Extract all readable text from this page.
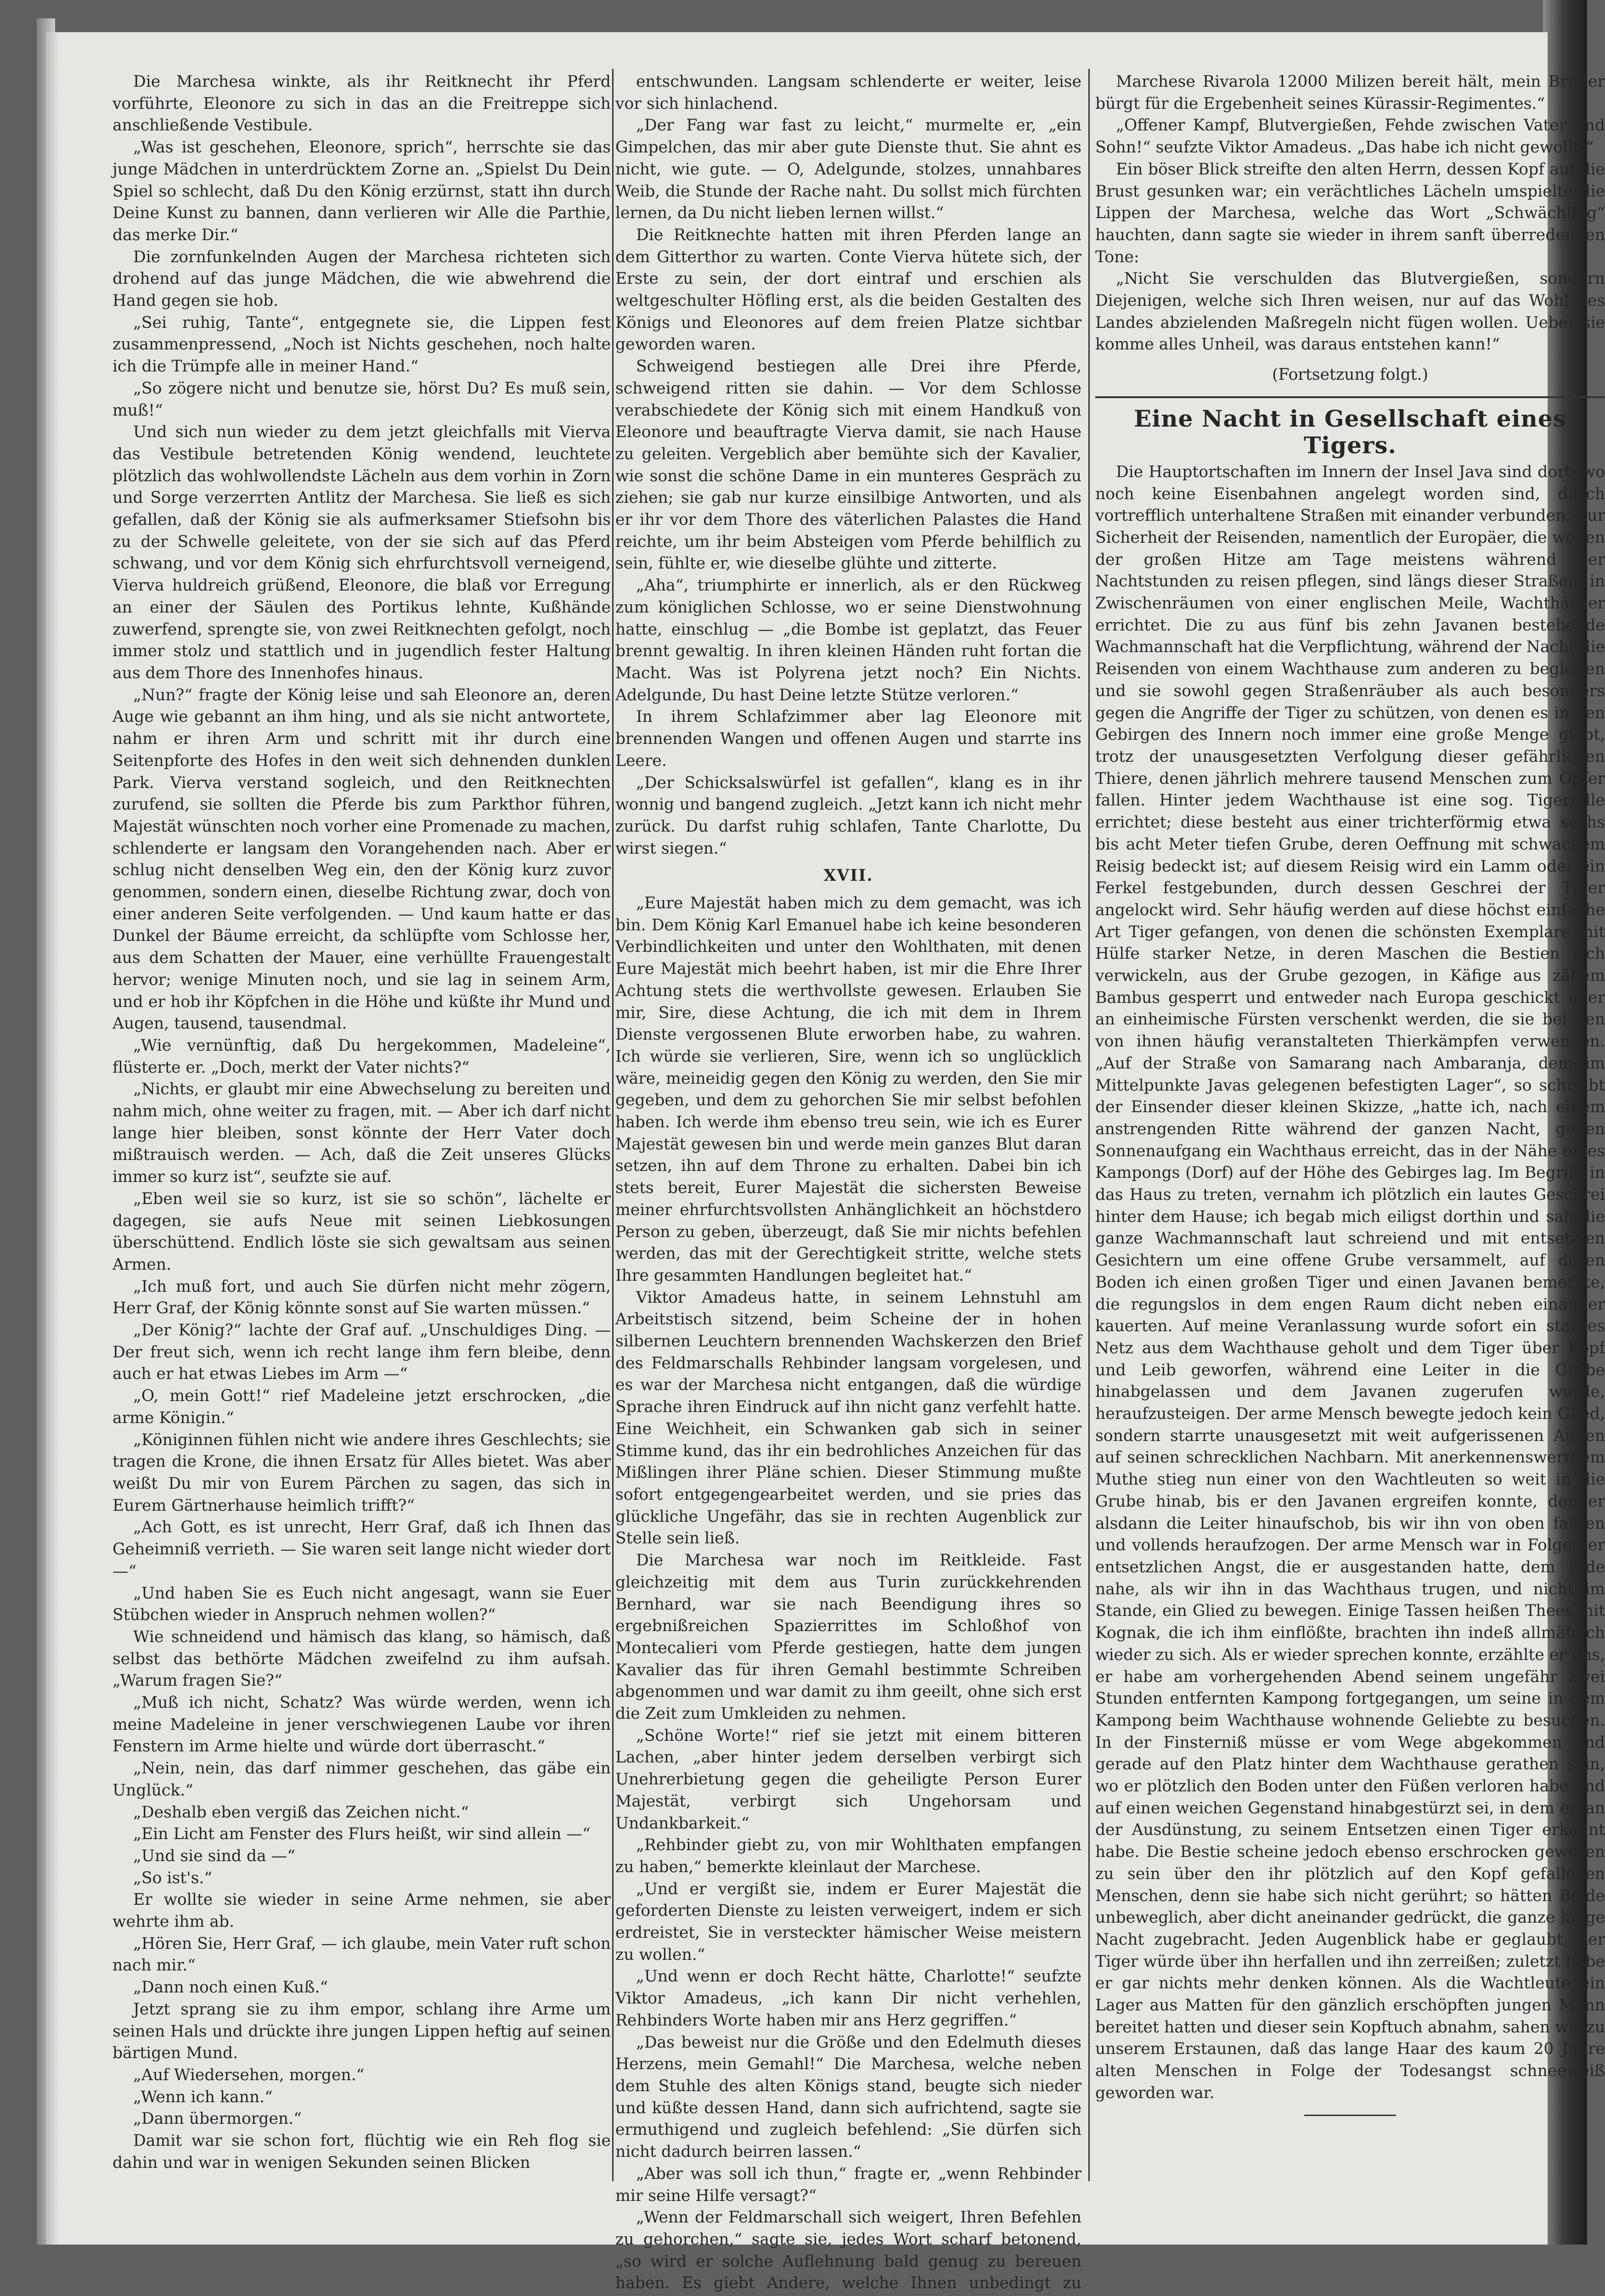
Die Marchesa winkte, als ihr Reitknecht ihr Pferd vorführte, Eleonore zu sich in das an die Freitreppe sich anschließende Vestibule.

„Was ist geschehen, Eleonore, sprich“, herrschte sie das junge Mädchen in unterdrücktem Zorne an. „Spielst Du Dein Spiel so schlecht, daß Du den König erzürnst, statt ihn durch Deine Kunst zu bannen, dann verlieren wir Alle die Parthie, das merke Dir.“

Die zornfunkelnden Augen der Marchesa richteten sich drohend auf das junge Mädchen, die wie abwehrend die Hand gegen sie hob.

„Sei ruhig, Tante“, entgegnete sie, die Lippen fest zusammenpressend, „Noch ist Nichts geschehen, noch halte ich die Trümpfe alle in meiner Hand.“

„So zögere nicht und benutze sie, hörst Du? Es muß sein, muß!“

Und sich nun wieder zu dem jetzt gleichfalls mit Vierva das Vestibule betretenden König wendend, leuchtete plötzlich das wohlwollendste Lächeln aus dem vorhin in Zorn und Sorge verzerrten Antlitz der Marchesa. Sie ließ es sich gefallen, daß der König sie als aufmerksamer Stiefsohn bis zu der Schwelle geleitete, von der sie sich auf das Pferd schwang, und vor dem König sich ehrfurchtsvoll verneigend, Vierva huldreich grüßend, Eleonore, die blaß vor Erregung an einer der Säulen des Portikus lehnte, Kußhände zuwerfend, sprengte sie, von zwei Reitknechten gefolgt, noch immer stolz und stattlich und in jugendlich fester Haltung aus dem Thore des Innenhofes hinaus.

„Nun?“ fragte der König leise und sah Eleonore an, deren Auge wie gebannt an ihm hing, und als sie nicht antwortete, nahm er ihren Arm und schritt mit ihr durch eine Seitenpforte des Hofes in den weit sich dehnenden dunklen Park. Vierva verstand sogleich, und den Reitknechten zurufend, sie sollten die Pferde bis zum Parkthor führen, Majestät wünschten noch vorher eine Promenade zu machen, schlenderte er langsam den Vorangehenden nach. Aber er schlug nicht denselben Weg ein, den der König kurz zuvor genommen, sondern einen, dieselbe Richtung zwar, doch von einer anderen Seite verfolgenden. — Und kaum hatte er das Dunkel der Bäume erreicht, da schlüpfte vom Schlosse her, aus dem Schatten der Mauer, eine verhüllte Frauengestalt hervor; wenige Minuten noch, und sie lag in seinem Arm, und er hob ihr Köpfchen in die Höhe und küßte ihr Mund und Augen, tausend, tausendmal.

„Wie vernünftig, daß Du hergekommen, Madeleine“, flüsterte er. „Doch, merkt der Vater nichts?“

„Nichts, er glaubt mir eine Abwechselung zu bereiten und nahm mich, ohne weiter zu fragen, mit. — Aber ich darf nicht lange hier bleiben, sonst könnte der Herr Vater doch mißtrauisch werden. — Ach, daß die Zeit unseres Glücks immer so kurz ist“, seufzte sie auf.

„Eben weil sie so kurz, ist sie so schön“, lächelte er dagegen, sie aufs Neue mit seinen Liebkosungen überschüttend. Endlich löste sie sich gewaltsam aus seinen Armen.

„Ich muß fort, und auch Sie dürfen nicht mehr zögern, Herr Graf, der König könnte sonst auf Sie warten müssen.“

„Der König?“ lachte der Graf auf. „Unschuldiges Ding. — Der freut sich, wenn ich recht lange ihm fern bleibe, denn auch er hat etwas Liebes im Arm —“

„O, mein Gott!“ rief Madeleine jetzt erschrocken, „die arme Königin.“

„Königinnen fühlen nicht wie andere ihres Geschlechts; sie tragen die Krone, die ihnen Ersatz für Alles bietet. Was aber weißt Du mir von Eurem Pärchen zu sagen, das sich in Eurem Gärtnerhause heimlich trifft?“

„Ach Gott, es ist unrecht, Herr Graf, daß ich Ihnen das Geheimniß verrieth. — Sie waren seit lange nicht wieder dort —“

„Und haben Sie es Euch nicht angesagt, wann sie Euer Stübchen wieder in Anspruch nehmen wollen?“

Wie schneidend und hämisch das klang, so hämisch, daß selbst das bethörte Mädchen zweifelnd zu ihm aufsah. „Warum fragen Sie?“

„Muß ich nicht, Schatz? Was würde werden, wenn ich meine Madeleine in jener verschwiegenen Laube vor ihren Fenstern im Arme hielte und würde dort überrascht.“

„Nein, nein, das darf nimmer geschehen, das gäbe ein Unglück.“

„Deshalb eben vergiß das Zeichen nicht.“

„Ein Licht am Fenster des Flurs heißt, wir sind allein —“

„Und sie sind da —“

„So ist's.“

Er wollte sie wieder in seine Arme nehmen, sie aber wehrte ihm ab.

„Hören Sie, Herr Graf, — ich glaube, mein Vater ruft schon nach mir.“

„Dann noch einen Kuß.“

Jetzt sprang sie zu ihm empor, schlang ihre Arme um seinen Hals und drückte ihre jungen Lippen heftig auf seinen bärtigen Mund.

„Auf Wiedersehen, morgen.“

„Wenn ich kann.“

„Dann übermorgen.“

Damit war sie schon fort, flüchtig wie ein Reh flog sie dahin und war in wenigen Sekunden seinen Blicken

entschwunden. Langsam schlenderte er weiter, leise vor sich hinlachend.

„Der Fang war fast zu leicht,“ murmelte er, „ein Gimpelchen, das mir aber gute Dienste thut. Sie ahnt es nicht, wie gute. — O, Adelgunde, stolzes, unnahbares Weib, die Stunde der Rache naht. Du sollst mich fürchten lernen, da Du nicht lieben lernen willst.“

Die Reitknechte hatten mit ihren Pferden lange an dem Gitterthor zu warten. Conte Vierva hütete sich, der Erste zu sein, der dort eintraf und erschien als weltgeschulter Höfling erst, als die beiden Gestalten des Königs und Eleonores auf dem freien Platze sichtbar geworden waren.

Schweigend bestiegen alle Drei ihre Pferde, schweigend ritten sie dahin. — Vor dem Schlosse verabschiedete der König sich mit einem Handkuß von Eleonore und beauftragte Vierva damit, sie nach Hause zu geleiten. Vergeblich aber bemühte sich der Kavalier, wie sonst die schöne Dame in ein munteres Gespräch zu ziehen; sie gab nur kurze einsilbige Antworten, und als er ihr vor dem Thore des väterlichen Palastes die Hand reichte, um ihr beim Absteigen vom Pferde behilflich zu sein, fühlte er, wie dieselbe glühte und zitterte.

„Aha“, triumphirte er innerlich, als er den Rückweg zum königlichen Schlosse, wo er seine Dienstwohnung hatte, einschlug — „die Bombe ist geplatzt, das Feuer brennt gewaltig. In ihren kleinen Händen ruht fortan die Macht. Was ist Polyrena jetzt noch? Ein Nichts. Adelgunde, Du hast Deine letzte Stütze verloren.“

In ihrem Schlafzimmer aber lag Eleonore mit brennenden Wangen und offenen Augen und starrte ins Leere.

„Der Schicksalswürfel ist gefallen“, klang es in ihr wonnig und bangend zugleich. „Jetzt kann ich nicht mehr zurück. Du darfst ruhig schlafen, Tante Charlotte, Du wirst siegen.“

XVII.

„Eure Majestät haben mich zu dem gemacht, was ich bin. Dem König Karl Emanuel habe ich keine besonderen Verbindlichkeiten und unter den Wohlthaten, mit denen Eure Majestät mich beehrt haben, ist mir die Ehre Ihrer Achtung stets die werthvollste gewesen. Erlauben Sie mir, Sire, diese Achtung, die ich mit dem in Ihrem Dienste vergossenen Blute erworben habe, zu wahren. Ich würde sie verlieren, Sire, wenn ich so unglücklich wäre, meineidig gegen den König zu werden, den Sie mir gegeben, und dem zu gehorchen Sie mir selbst befohlen haben. Ich werde ihm ebenso treu sein, wie ich es Eurer Majestät gewesen bin und werde mein ganzes Blut daran setzen, ihn auf dem Throne zu erhalten. Dabei bin ich stets bereit, Eurer Majestät die sichersten Beweise meiner ehrfurchtsvollsten Anhänglichkeit an höchstdero Person zu geben, überzeugt, daß Sie mir nichts befehlen werden, das mit der Gerechtigkeit stritte, welche stets Ihre gesammten Handlungen begleitet hat.“

Viktor Amadeus hatte, in seinem Lehnstuhl am Arbeitstisch sitzend, beim Scheine der in hohen silbernen Leuchtern brennenden Wachskerzen den Brief des Feldmarschalls Rehbinder langsam vorgelesen, und es war der Marchesa nicht entgangen, daß die würdige Sprache ihren Eindruck auf ihn nicht ganz verfehlt hatte. Eine Weichheit, ein Schwanken gab sich in seiner Stimme kund, das ihr ein bedrohliches Anzeichen für das Mißlingen ihrer Pläne schien. Dieser Stimmung mußte sofort entgegengearbeitet werden, und sie pries das glückliche Ungefähr, das sie in rechten Augenblick zur Stelle sein ließ.

Die Marchesa war noch im Reitkleide. Fast gleichzeitig mit dem aus Turin zurückkehrenden Bernhard, war sie nach Beendigung ihres so ergebnißreichen Spazierrittes im Schloßhof von Montecalieri vom Pferde gestiegen, hatte dem jungen Kavalier das für ihren Gemahl bestimmte Schreiben abgenommen und war damit zu ihm geeilt, ohne sich erst die Zeit zum Umkleiden zu nehmen.

„Schöne Worte!“ rief sie jetzt mit einem bitteren Lachen, „aber hinter jedem derselben verbirgt sich Unehrerbietung gegen die geheiligte Person Eurer Majestät, verbirgt sich Ungehorsam und Undankbarkeit.“

„Rehbinder giebt zu, von mir Wohlthaten empfangen zu haben,“ bemerkte kleinlaut der Marchese.

„Und er vergißt sie, indem er Eurer Majestät die geforderten Dienste zu leisten verweigert, indem er sich erdreistet, Sie in versteckter hämischer Weise meistern zu wollen.“

„Und wenn er doch Recht hätte, Charlotte!“ seufzte Viktor Amadeus, „ich kann Dir nicht verhehlen, Rehbinders Worte haben mir ans Herz gegriffen.“

„Das beweist nur die Größe und den Edelmuth dieses Herzens, mein Gemahl!“ Die Marchesa, welche neben dem Stuhle des alten Königs stand, beugte sich nieder und küßte dessen Hand, dann sich aufrichtend, sagte sie ermuthigend und zugleich befehlend: „Sie dürfen sich nicht dadurch beirren lassen.“

„Aber was soll ich thun,“ fragte er, „wenn Rehbinder mir seine Hilfe versagt?“

„Wenn der Feldmarschall sich weigert, Ihren Befehlen zu gehorchen,“ sagte sie, jedes Wort scharf betonend, „so wird er solche Auflehnung bald genug zu bereuen haben. Es giebt Andere, welche Ihnen unbedingt zu

Marchese Rivarola 12000 Milizen bereit hält, mein Bruder bürgt für die Ergebenheit seines Kürassir-Regimentes.“

„Offener Kampf, Blutvergießen, Fehde zwischen Vater und Sohn!“ seufzte Viktor Amadeus. „Das habe ich nicht gewollt!“

Ein böser Blick streifte den alten Herrn, dessen Kopf auf die Brust gesunken war; ein verächtliches Lächeln umspielte die Lippen der Marchesa, welche das Wort „Schwächling“ hauchten, dann sagte sie wieder in ihrem sanft überredenden Tone:

„Nicht Sie verschulden das Blutvergießen, sondern Diejenigen, welche sich Ihren weisen, nur auf das Wohl des Landes abzielenden Maßregeln nicht fügen wollen. Ueber sie komme alles Unheil, was daraus entstehen kann!“

(Fortsetzung folgt.)

Eine Nacht in Gesellschaft eines Tigers.

Die Hauptortschaften im Innern der Insel Java sind dort, wo noch keine Eisenbahnen angelegt worden sind, durch vortrefflich unterhaltene Straßen mit einander verbunden. Zur Sicherheit der Reisenden, namentlich der Europäer, die wegen der großen Hitze am Tage meistens während der Nachtstunden zu reisen pflegen, sind längs dieser Straßen, in Zwischenräumen von einer englischen Meile, Wachthäuser errichtet. Die zu aus fünf bis zehn Javanen bestehende Wachmannschaft hat die Verpflichtung, während der Nacht die Reisenden von einem Wachthause zum anderen zu begleiten und sie sowohl gegen Straßenräuber als auch besonders gegen die Angriffe der Tiger zu schützen, von denen es in den Gebirgen des Innern noch immer eine große Menge giebt, trotz der unausgesetzten Verfolgung dieser gefährlichen Thiere, denen jährlich mehrere tausend Menschen zum Opfer fallen. Hinter jedem Wachthause ist eine sog. Tigerfalle errichtet; diese besteht aus einer trichterförmig etwa sechs bis acht Meter tiefen Grube, deren Oeffnung mit schwachem Reisig bedeckt ist; auf diesem Reisig wird ein Lamm oder ein Ferkel festgebunden, durch dessen Geschrei der Tiger angelockt wird. Sehr häufig werden auf diese höchst einfache Art Tiger gefangen, von denen die schönsten Exemplare mit Hülfe starker Netze, in deren Maschen die Bestien sich verwickeln, aus der Grube gezogen, in Käfige aus zähem Bambus gesperrt und entweder nach Europa geschickt oder an einheimische Fürsten verschenkt werden, die sie bei den von ihnen häufig veranstalteten Thierkämpfen verwenden. „Auf der Straße von Samarang nach Ambaranja, dem im Mittelpunkte Javas gelegenen befestigten Lager“, so schreibt der Einsender dieser kleinen Skizze, „hatte ich, nach einem anstrengenden Ritte während der ganzen Nacht, gegen Sonnenaufgang ein Wachthaus erreicht, das in der Nähe eines Kampongs (Dorf) auf der Höhe des Gebirges lag. Im Begriff, in das Haus zu treten, vernahm ich plötzlich ein lautes Geschrei hinter dem Hause; ich begab mich eiligst dorthin und sah die ganze Wachmannschaft laut schreiend und mit entsetzten Gesichtern um eine offene Grube versammelt, auf deren Boden ich einen großen Tiger und einen Javanen bemerkte, die regungslos in dem engen Raum dicht neben einander kauerten. Auf meine Veranlassung wurde sofort ein starkes Netz aus dem Wachthause geholt und dem Tiger über Kopf und Leib geworfen, während eine Leiter in die Grube hinabgelassen und dem Javanen zugerufen wurde, heraufzusteigen. Der arme Mensch bewegte jedoch kein Glied, sondern starrte unausgesetzt mit weit aufgerissenen Augen auf seinen schrecklichen Nachbarn. Mit anerkennenswerthem Muthe stieg nun einer von den Wachtleuten so weit in die Grube hinab, bis er den Javanen ergreifen konnte, den er alsdann die Leiter hinaufschob, bis wir ihn von oben faßten und vollends heraufzogen. Der arme Mensch war in Folge der entsetzlichen Angst, die er ausgestanden hatte, dem Tode nahe, als wir ihn in das Wachthaus trugen, und nicht im Stande, ein Glied zu bewegen. Einige Tassen heißen Thees mit Kognak, die ich ihm einflößte, brachten ihn indeß allmählich wieder zu sich. Als er wieder sprechen konnte, erzählte er uns, er habe am vorhergehenden Abend seinem ungefähr zwei Stunden entfernten Kampong fortgegangen, um seine in dem Kampong beim Wachthause wohnende Geliebte zu besuchen. In der Finsterniß müsse er vom Wege abgekommen und gerade auf den Platz hinter dem Wachthause gerathen sein, wo er plötzlich den Boden unter den Füßen verloren habe und auf einen weichen Gegenstand hinabgestürzt sei, in dem er, an der Ausdünstung, zu seinem Entsetzen einen Tiger erkannt habe. Die Bestie scheine jedoch ebenso erschrocken gewesen zu sein über den ihr plötzlich auf den Kopf gefallenen Menschen, denn sie habe sich nicht gerührt; so hätten Beide unbeweglich, aber dicht aneinander gedrückt, die ganze lange Nacht zugebracht. Jeden Augenblick habe er geglaubt, der Tiger würde über ihn herfallen und ihn zerreißen; zuletzt habe er gar nichts mehr denken können. Als die Wachtleute ein Lager aus Matten für den gänzlich erschöpften jungen Mann bereitet hatten und dieser sein Kopftuch abnahm, sahen wir zu unserem Erstaunen, daß das lange Haar des kaum 20 Jahre alten Menschen in Folge der Todesangst schneeweiß geworden war.
